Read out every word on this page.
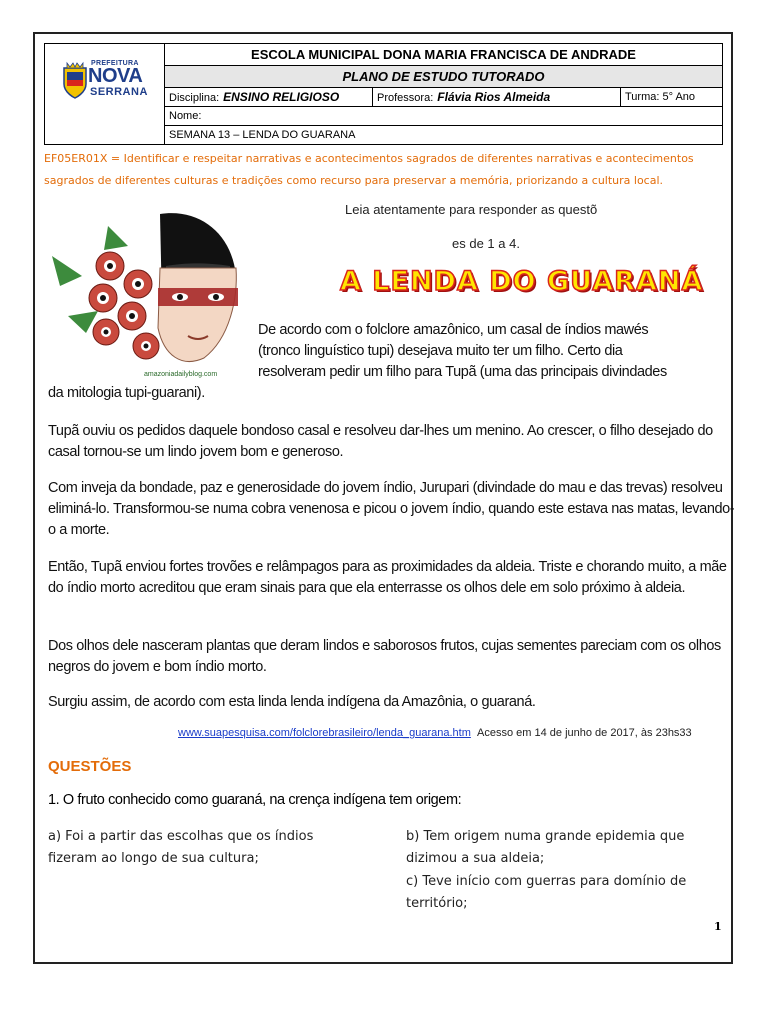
PREFEITURA
NOVA
SERRANA
ESCOLA MUNICIPAL DONA MARIA FRANCISCA DE ANDRADE
PLANO DE ESTUDO TUTORADO
Disciplina: ENSINO RELIGIOSO	Professora: Flávia Rios Almeida	Turma: 5° Ano
Nome:
SEMANA 13 – LENDA DO GUARANA
EF05ER01X = Identificar e respeitar narrativas e acontecimentos sagrados de diferentes narrativas e acontecimentos sagrados de diferentes culturas e tradições como recurso para preservar a memória, priorizando a cultura local.
amazoniadailyblog.com
Leia atentamente para responder as questõ
es de 1 a 4.
A LENDA DO GUARANÁ
De acordo com o folclore amazônico, um casal de índios mawés
(tronco linguístico tupi) desejava muito ter um filho. Certo dia
resolveram pedir um filho para Tupã (uma das principais divindades
da mitologia tupi-guarani).
Tupã ouviu os pedidos daquele bondoso casal e resolveu dar-lhes um menino. Ao crescer, o filho desejado do casal tornou-se um lindo jovem bom e generoso.
Com inveja da bondade, paz e generosidade do jovem índio, Jurupari (divindade do mau e das trevas) resolveu eliminá-lo. Transformou-se numa cobra venenosa e picou o jovem índio, quando este estava nas matas, levando-o a morte.
Então, Tupã enviou fortes trovões e relâmpagos para as proximidades da aldeia. Triste e chorando muito, a mãe do índio morto acreditou que eram sinais para que ela enterrasse os olhos dele em solo próximo à aldeia.
Dos olhos dele nasceram plantas que deram lindos e saborosos frutos, cujas sementes pareciam com os olhos negros do jovem e bom índio morto.
Surgiu assim, de acordo com esta linda lenda indígena da Amazônia, o guaraná.
www.suapesquisa.com/folclorebrasileiro/lenda_guarana.htm Acesso em 14 de junho de 2017, às 23hs33
QUESTÕES
1. O fruto conhecido como guaraná, na crença indígena tem origem:
a) Foi a partir das escolhas que os índios fizeram ao longo de sua cultura;
b) Tem origem numa grande epidemia que dizimou a sua aldeia;
c) Teve início com guerras para domínio de território;
1
